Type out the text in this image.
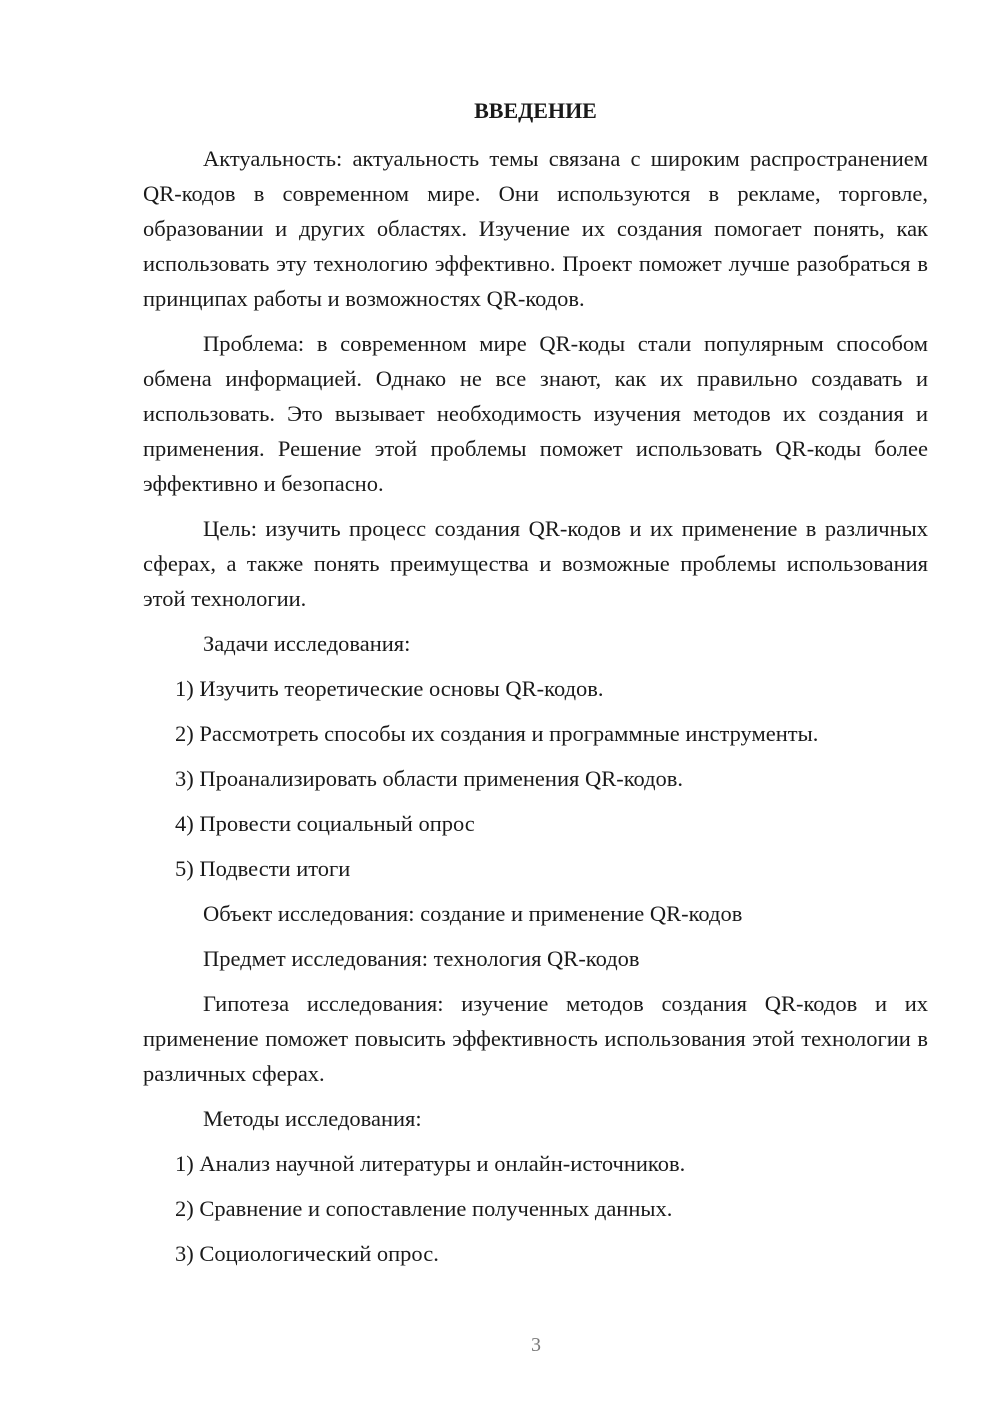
ВВЕДЕНИЕ

Актуальность: актуальность темы связана с широким распространением QR-кодов в современном мире. Они используются в рекламе, торговле, образовании и других областях. Изучение их создания помогает понять, как использовать эту технологию эффективно. Проект поможет лучше разобраться в принципах работы и возможностях QR-кодов.

Проблема: в современном мире QR-коды стали популярным способом обмена информацией. Однако не все знают, как их правильно создавать и использовать. Это вызывает необходимость изучения методов их создания и применения. Решение этой проблемы поможет использовать QR-коды более эффективно и безопасно.

Цель: изучить процесс создания QR-кодов и их применение в различных сферах, а также понять преимущества и возможные проблемы использования этой технологии.

Задачи исследования:
1) Изучить теоретические основы QR-кодов.
2) Рассмотреть способы их создания и программные инструменты.
3) Проанализировать области применения QR-кодов.
4) Провести социальный опрос
5) Подвести итоги
Объект исследования: создание и применение QR-кодов
Предмет исследования: технология QR-кодов

Гипотеза исследования: изучение методов создания QR-кодов и их применение поможет повысить эффективность использования этой технологии в различных сферах.

Методы исследования:
1) Анализ научной литературы и онлайн-источников.
2) Сравнение и сопоставление полученных данных.
3) Социологический опрос.
3
